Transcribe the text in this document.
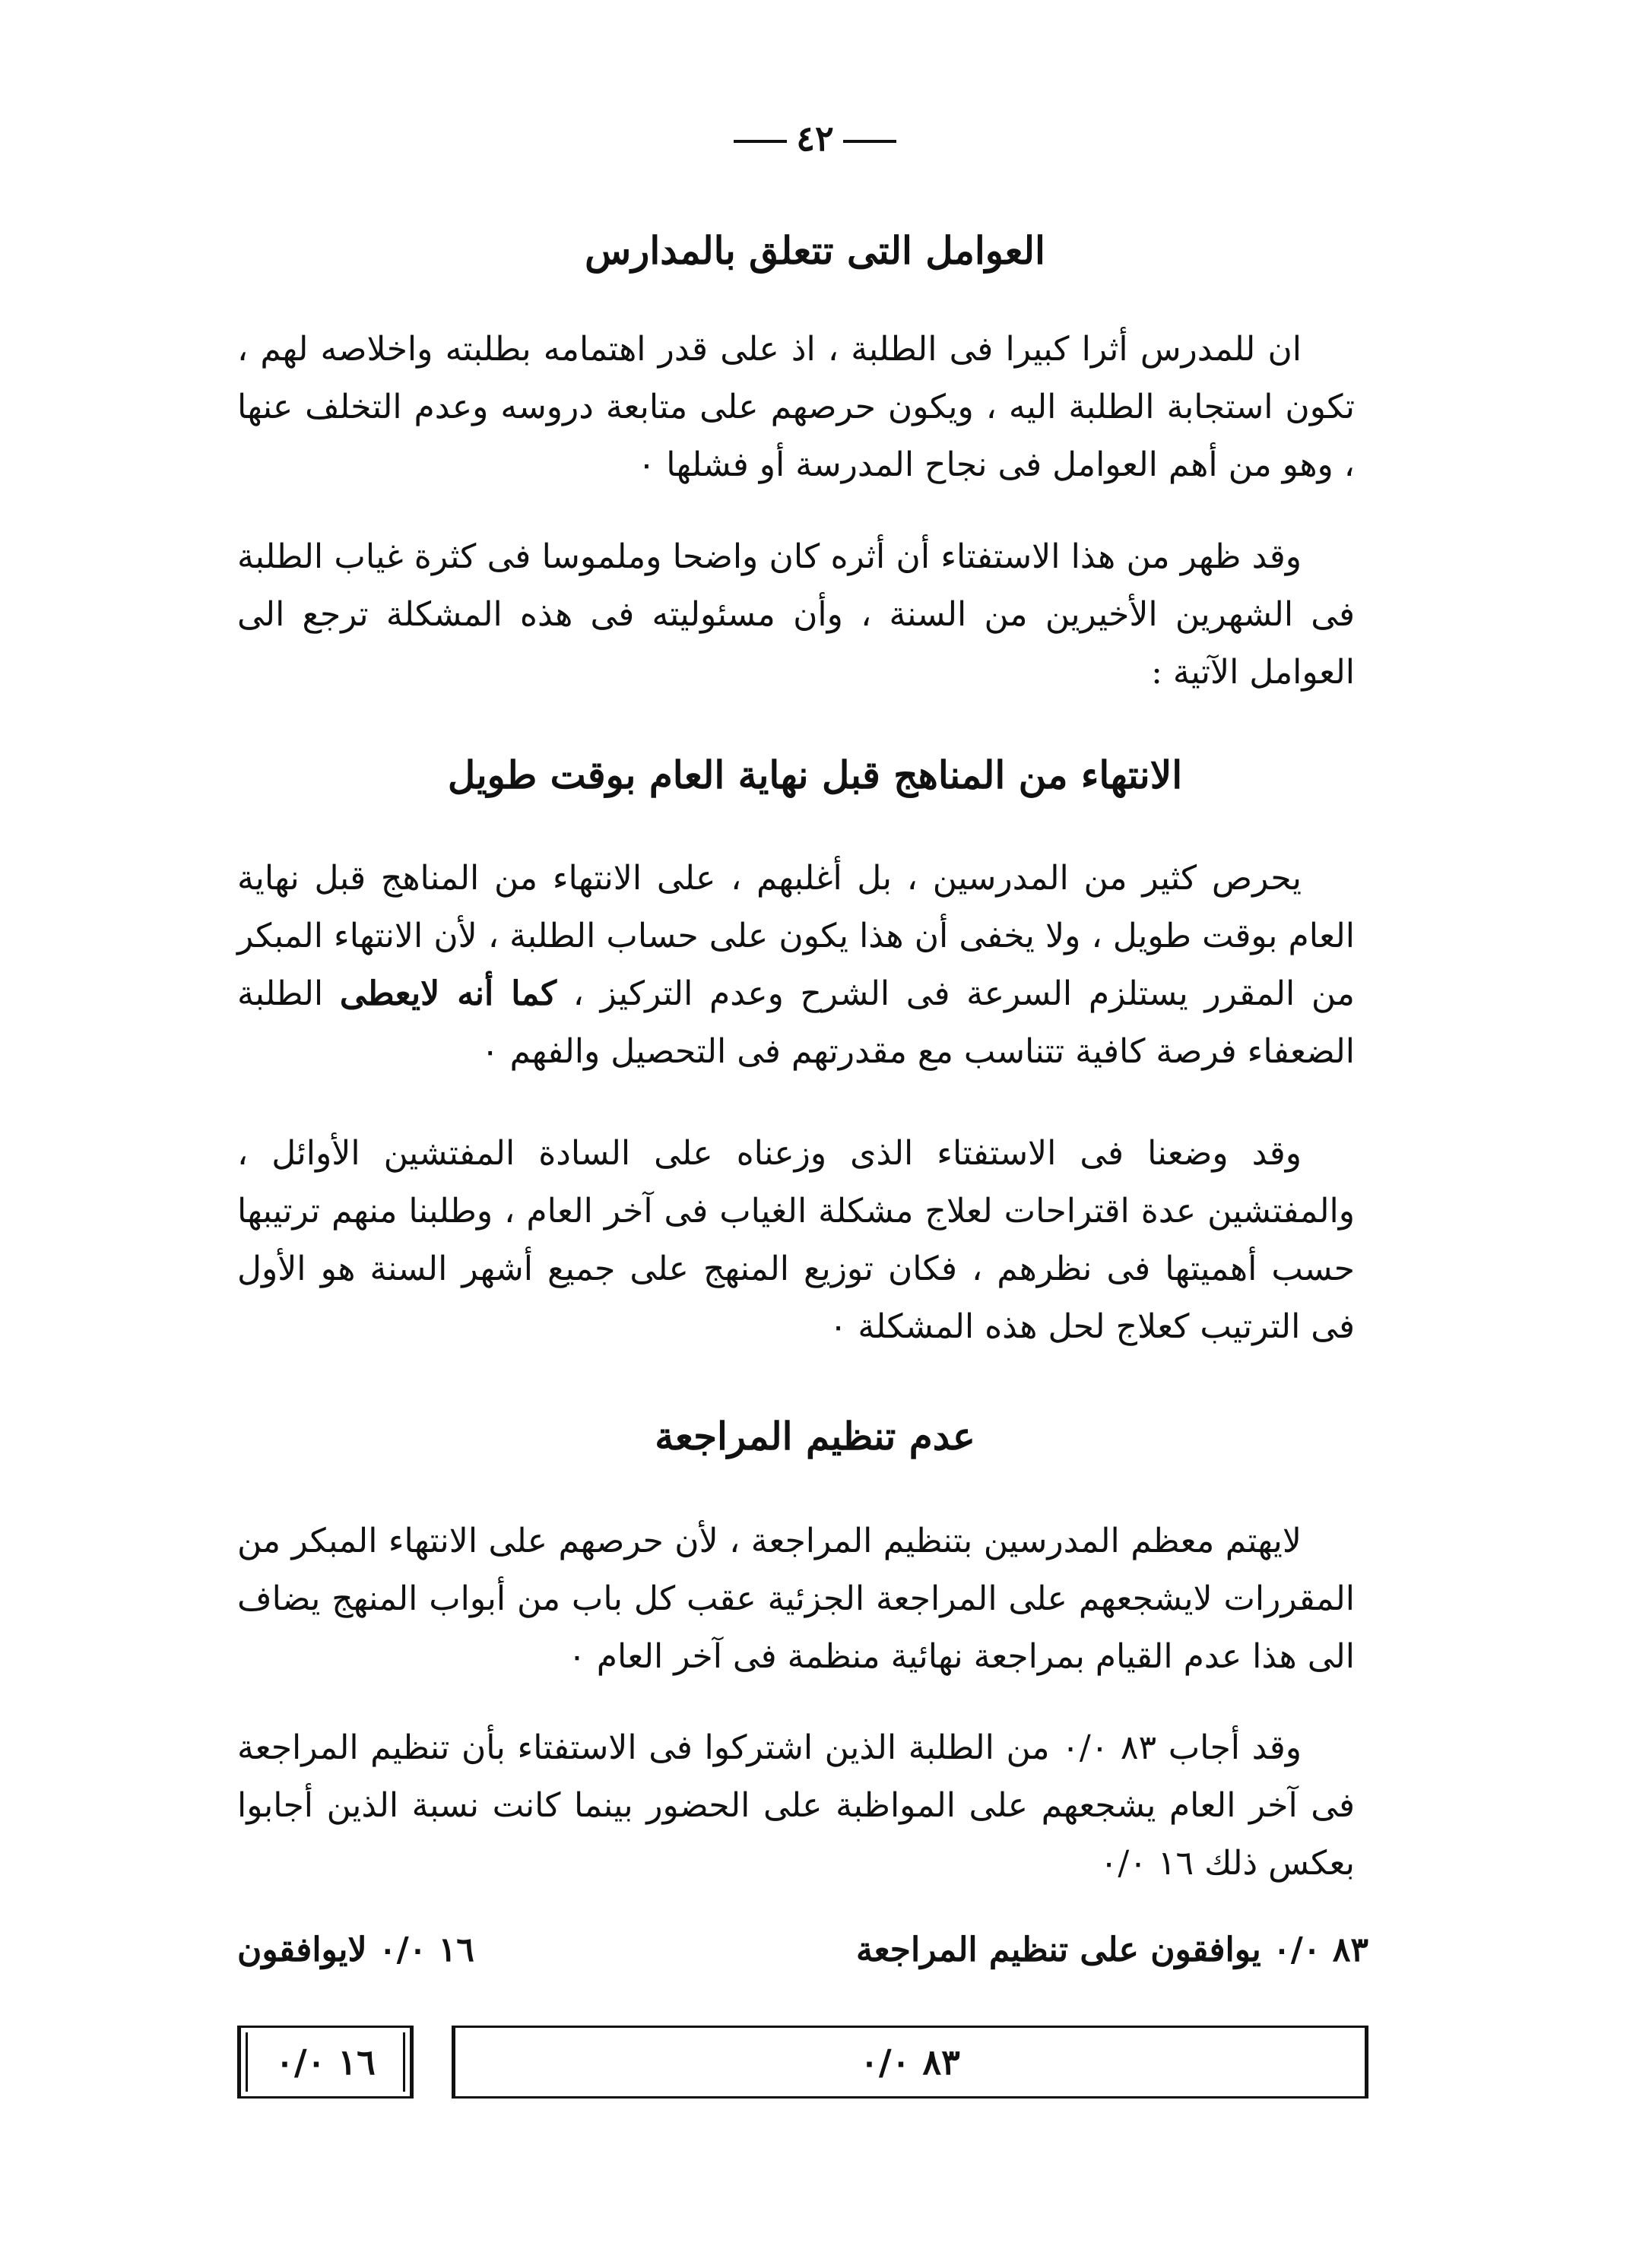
٤٢
العوامل التى تتعلق بالمدارس

ان للمدرس أثرا كبيرا فى الطلبة ، اذ على قدر اهتمامه بطلبته واخلاصه لهم ، تكون استجابة الطلبة اليه ، ويكون حرصهم على متابعة دروسه وعدم التخلف عنها ، وهو من أهم العوامل فى نجاح المدرسة أو فشلها ٠

وقد ظهر من هذا الاستفتاء أن أثره كان واضحا وملموسا فى كثرة غياب الطلبة فى الشهرين الأخيرين من السنة ، وأن مسئوليته فى هذه المشكلة ترجع الى العوامل الآتية :

الانتهاء من المناهج قبل نهاية العام بوقت طويل

يحرص كثير من المدرسين ، بل أغلبهم ، على الانتهاء من المناهج قبل نهاية العام بوقت طويل ، ولا يخفى أن هذا يكون على حساب الطلبة ، لأن الانتهاء المبكر من المقرر يستلزم السرعة فى الشرح وعدم التركيز ، كما أنه لايعطى الطلبة الضعفاء فرصة كافية تتناسب مع مقدرتهم فى التحصيل والفهم ٠

وقد وضعنا فى الاستفتاء الذى وزعناه على السادة المفتشين الأوائل ، والمفتشين عدة اقتراحات لعلاج مشكلة الغياب فى آخر العام ، وطلبنا منهم ترتيبها حسب أهميتها فى نظرهم ، فكان توزيع المنهج على جميع أشهر السنة هو الأول فى الترتيب كعلاج لحل هذه المشكلة ٠

عدم تنظيم المراجعة

لايهتم معظم المدرسين بتنظيم المراجعة ، لأن حرصهم على الانتهاء المبكر من المقررات لايشجعهم على المراجعة الجزئية عقب كل باب من أبواب المنهج يضاف الى هذا عدم القيام بمراجعة نهائية منظمة فى آخر العام ٠

وقد أجاب ٨٣ ٠/٠ من الطلبة الذين اشتركوا فى الاستفتاء بأن تنظيم المراجعة فى آخر العام يشجعهم على المواظبة على الحضور بينما كانت نسبة الذين أجابوا بعكس ذلك ١٦ ٠/٠

٨٣ ٠/٠ يوافقون على تنظيم المراجعة
١٦ ٠/٠ لايوافقون
٨٣ ٠/٠
١٦ ٠/٠
